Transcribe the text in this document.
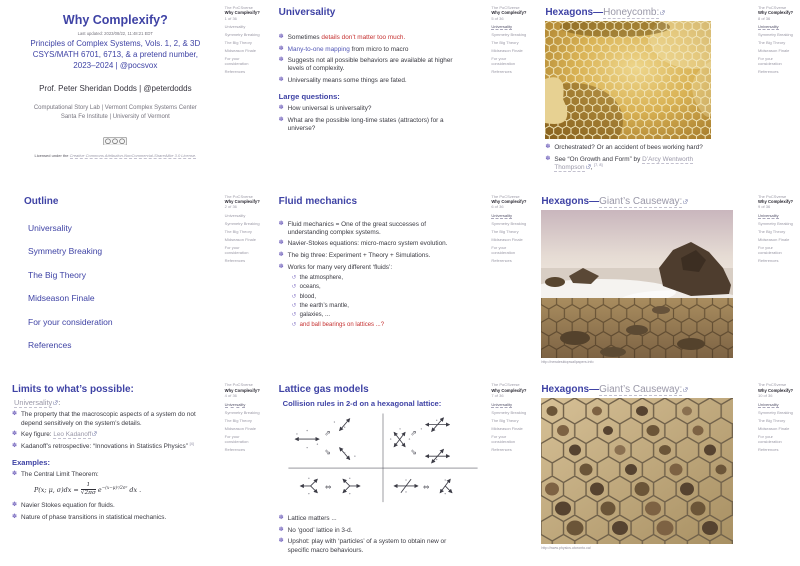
Why Complexify?
Last updated: 2023/08/22, 11:48:21 EDT
Principles of Complex Systems, Vols. 1, 2, & 3D
CSYS/MATH 6701, 6713, & a pretend number,
2023–2024 | @pocsvox
Prof. Peter Sheridan Dodds | @peterdodds
Computational Story Lab | Vermont Complex Systems Center
Santa Fe Institute | University of Vermont
Licensed under the Creative Commons Attribution-NonCommercial-ShareAlike 3.0 License.
The PoCSverse
Why Complexify?
1 of 36
Universality
Symmetry Breaking
The Big Theory
Midseason Finale
For your consideration
References
Universality
✽ Sometimes details don’t matter too much.
✽ Many-to-one mapping from micro to macro
✽ Suggests not all possible behaviors are available at higher levels of complexity.
✽ Universality means some things are fated.
Large questions:
✽ How universal is universality?
✽ What are the possible long-time states (attractors) for a universe?
The PoCSverse
Why Complexify?
5 of 36
Universality
Symmetry Breaking
The Big Theory
Midseason Finale
For your consideration
References
Hexagons—Honeycomb:
✽ Orchestrated? Or an accident of bees working hard?
✽ See “On Growth and Form” by D’Arcy Wentworth Thompson , [7, 8]
The PoCSverse
Why Complexify?
8 of 36
Universality
Symmetry Breaking
The Big Theory
Midseason Finale
For your consideration
References
Outline
Universality
Symmetry Breaking
The Big Theory
Midseason Finale
For your consideration
References
The PoCSverse
Why Complexify?
2 of 36
Universality
Symmetry Breaking
The Big Theory
Midseason Finale
For your consideration
References
Fluid mechanics
✽ Fluid mechanics = One of the great successes of understanding complex systems.
✽ Navier-Stokes equations: micro-macro system evolution.
✽ The big three: Experiment + Theory + Simulations.
✽ Works for many very different ‘fluids’:
↺ the atmosphere,
↺ oceans,
↺ blood,
↺ the earth’s mantle,
↺ galaxies, ...
↺ and ball bearings on lattices ...?
The PoCSverse
Why Complexify?
6 of 36
Universality
Symmetry Breaking
The Big Theory
Midseason Finale
For your consideration
References
Hexagons—Giant’s Causeway:
http://newdesktopwallpapers.info
The PoCSverse
Why Complexify?
9 of 36
Universality
Symmetry Breaking
The Big Theory
Midseason Finale
For your consideration
References
Limits to what’s possible:
Universality :
✽ The property that the macroscopic aspects of a system do not depend sensitively on the system’s details.
✽ Key figure: Leo Kadanoff
✽ Kadanoff’s retrospective: “Innovations in Statistics Physics” [4]
Examples:
✽ The Central Limit Theorem:
P(x; μ, $\sigma)dx = \frac{1}{√2\pi\sigma} e^{-(x-\mu)^2/2\sigma^2}$ dx .
✽ Navier Stokes equation for fluids.
✽ Nature of phase transitions in statistical mechanics.
The PoCSverse
Why Complexify?
4 of 36
Universality
Symmetry Breaking
The Big Theory
Midseason Finale
For your consideration
References
Lattice gas models
Collision rules in 2-d on a hexagonal lattice:
⇗
⇘
⇗
⇘
⇔	⇔
✽ Lattice matters ...
✽ No ‘good’ lattice in 3-d.
✽ Upshot: play with ‘particles’ of a system to obtain new or specific macro behaviours.
The PoCSverse
Why Complexify?
7 of 36
Universality
Symmetry Breaking
The Big Theory
Midseason Finale
For your consideration
References
Hexagons—Giant’s Causeway:
http://www.physics.utoronto.ca/
The PoCSverse
Why Complexify?
10 of 36
Universality
Symmetry Breaking
The Big Theory
Midseason Finale
For your consideration
References
